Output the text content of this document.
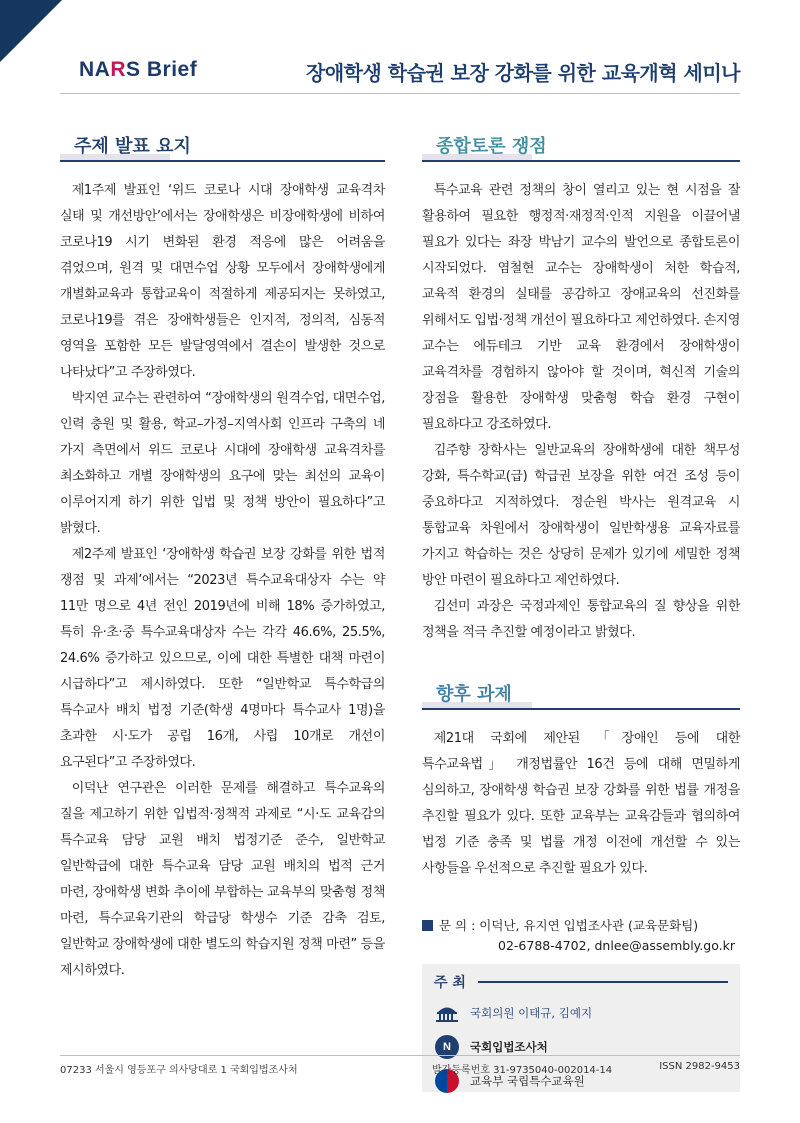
NARS Brief	장애학생 학습권 보장 강화를 위한 교육개혁 세미나
주제 발표 요지

제1주제 발표인 ‘위드 코로나 시대 장애학생 교육격차 실태 및 개선방안’에서는 장애학생은 비장애학생에 비하여 코로나19 시기 변화된 환경 적응에 많은 어려움을 겪었으며, 원격 및 대면수업 상황 모두에서 장애학생에게 개별화교육과 통합교육이 적절하게 제공되지는 못하였고, 코로나19를 겪은 장애학생들은 인지적, 정의적, 심동적 영역을 포함한 모든 발달영역에서 결손이 발생한 것으로 나타났다”고 주장하였다.

박지연 교수는 관련하여 “장애학생의 원격수업, 대면수업, 인력 충원 및 활용, 학교–가정–지역사회 인프라 구축의 네 가지 측면에서 위드 코로나 시대에 장애학생 교육격차를 최소화하고 개별 장애학생의 요구에 맞는 최선의 교육이 이루어지게 하기 위한 입법 및 정책 방안이 필요하다”고 밝혔다.

제2주제 발표인 ‘장애학생 학습권 보장 강화를 위한 법적 쟁점 및 과제’에서는 “2023년 특수교육대상자 수는 약 11만 명으로 4년 전인 2019년에 비해 18% 증가하였고, 특히 유·초·중 특수교육대상자 수는 각각 46.6%, 25.5%, 24.6% 증가하고 있으므로, 이에 대한 특별한 대책 마련이 시급하다”고 제시하였다. 또한 “일반학교 특수학급의 특수교사 배치 법정 기준(학생 4명마다 특수교사 1명)을 초과한 시·도가 공립 16개, 사립 10개로 개선이 요구된다”고 주장하였다.

이덕난 연구관은 이러한 문제를 해결하고 특수교육의 질을 제고하기 위한 입법적·정책적 과제로 “시·도 교육감의 특수교육 담당 교원 배치 법정기준 준수, 일반학교 일반학급에 대한 특수교육 담당 교원 배치의 법적 근거 마련, 장애학생 변화 추이에 부합하는 교육부의 맞춤형 정책 마련, 특수교육기관의 학급당 학생수 기준 감축 검토, 일반학교 장애학생에 대한 별도의 학습지원 정책 마련” 등을 제시하였다.

종합토론 쟁점

특수교육 관련 정책의 창이 열리고 있는 현 시점을 잘 활용하여 필요한 행정적·재정적·인적 지원을 이끌어낼 필요가 있다는 좌장 박남기 교수의 발언으로 종합토론이 시작되었다. 염철현 교수는 장애학생이 처한 학습적, 교육적 환경의 실태를 공감하고 장애교육의 선진화를 위해서도 입법·정책 개선이 필요하다고 제언하였다. 손지영 교수는 에듀테크 기반 교육 환경에서 장애학생이 교육격차를 경험하지 않아야 할 것이며, 혁신적 기술의 장점을 활용한 장애학생 맞춤형 학습 환경 구현이 필요하다고 강조하였다.

김주향 장학사는 일반교육의 장애학생에 대한 책무성 강화, 특수학교(급) 학급권 보장을 위한 여건 조성 등이 중요하다고 지적하였다. 정순원 박사는 원격교육 시 통합교육 차원에서 장애학생이 일반학생용 교육자료를 가지고 학습하는 것은 상당히 문제가 있기에 세밀한 정책 방안 마련이 필요하다고 제언하였다.

김선미 과장은 국정과제인 통합교육의 질 향상을 위한 정책을 적극 추진할 예정이라고 밝혔다.

향후 과제

제21대 국회에 제안된 「장애인 등에 대한 특수교육법」 개정법률안 16건 등에 대해 면밀하게 심의하고, 장애학생 학습권 보장 강화를 위한 법률 개정을 추진할 필요가 있다. 또한 교육부는 교육감들과 협의하여 법정 기준 충족 및 법률 개정 이전에 개선할 수 있는 사항들을 우선적으로 추진할 필요가 있다.

문 의 : 이덕난, 유지연 입법조사관 (교육문화팀)
02-6788-4702, dnlee@assembly.go.kr
주 최
국회의원 이태규, 김예지
N	국회입법조사처
교육부 국립특수교육원
07233 서울시 영등포구 의사당대로 1 국회입법조사처	발간등록번호 31-9735040-002014-14	ISSN 2982-9453
